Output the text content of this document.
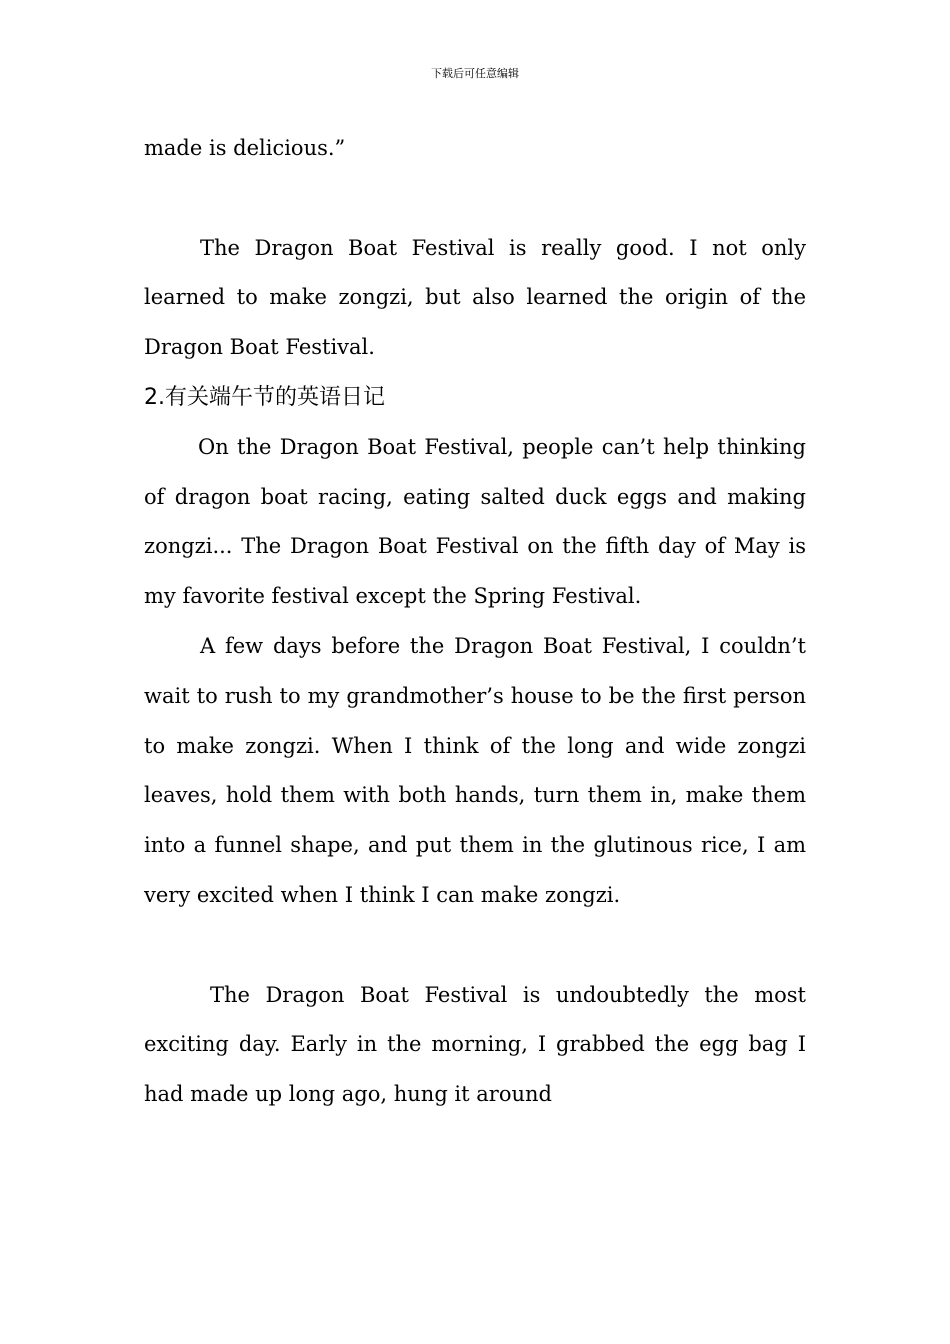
下载后可任意编辑

made is delicious.”

The Dragon Boat Festival is really good. I not only learned to make zongzi, but also learned the origin of the Dragon Boat Festival.

2.有关端午节的英语日记

On the Dragon Boat Festival, people can’t help thinking of dragon boat racing, eating salted duck eggs and making zongzi... The Dragon Boat Festival on the fifth day of May is my favorite festival except the Spring Festival.

A few days before the Dragon Boat Festival, I couldn’t wait to rush to my grandmother’s house to be the first person to make zongzi. When I think of the long and wide zongzi leaves, hold them with both hands, turn them in, make them into a funnel shape, and put them in the glutinous rice, I am very excited when I think I can make zongzi.

The Dragon Boat Festival is undoubtedly the most exciting day. Early in the morning, I grabbed the egg bag I had made up long ago, hung it around
